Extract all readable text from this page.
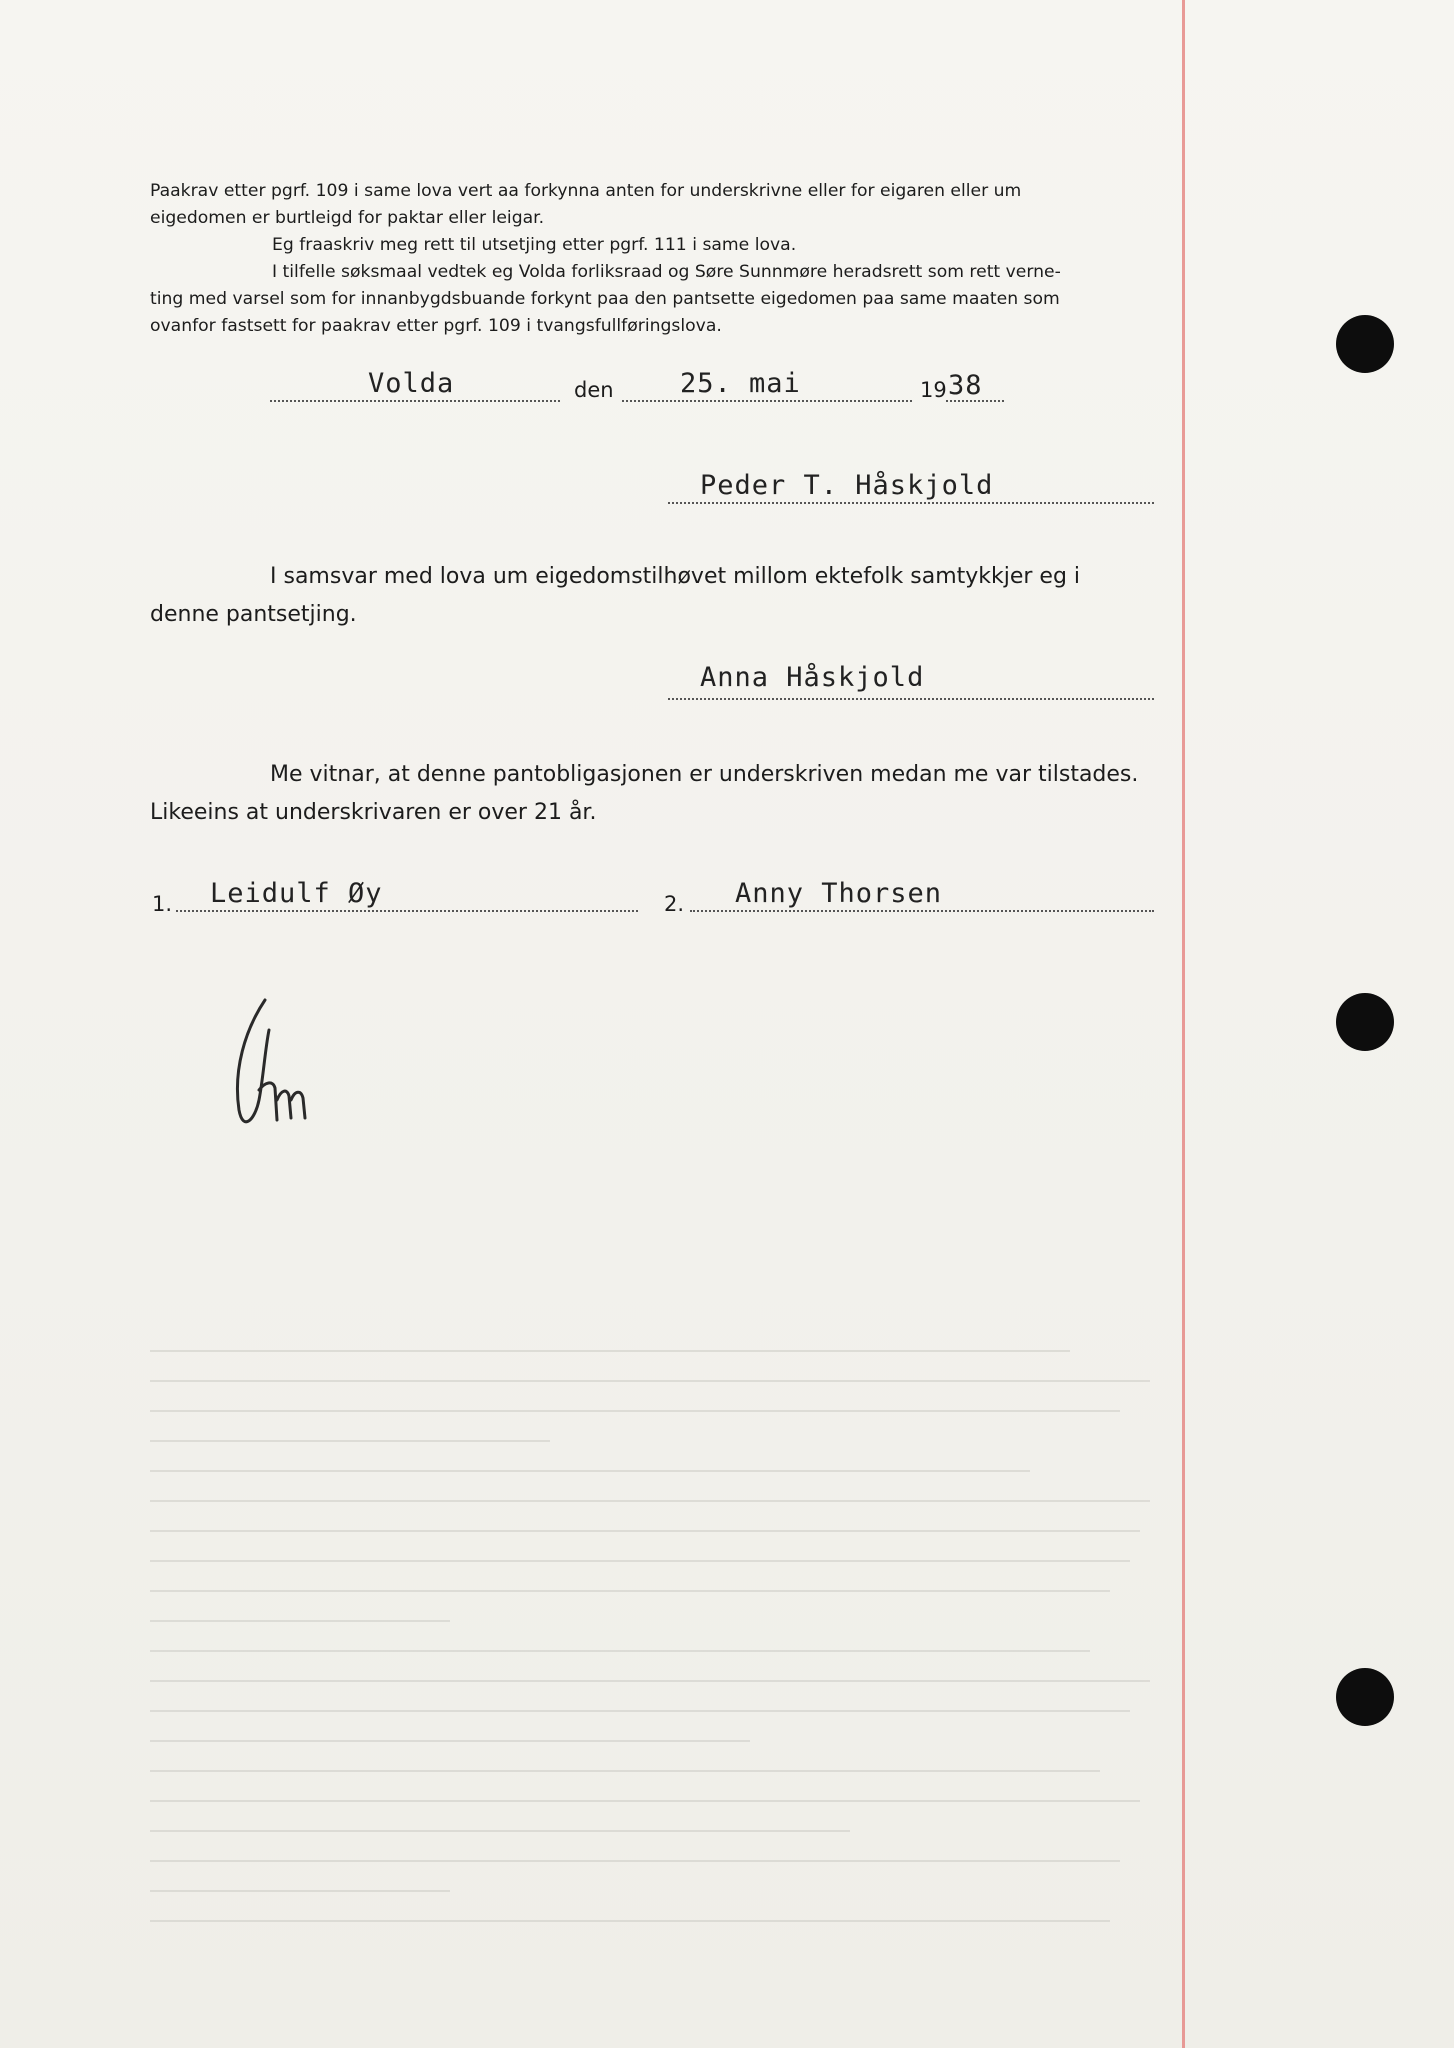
Paakrav etter pgrf. 109 i same lova vert aa forkynna anten for underskrivne eller for eigaren eller um
eigedomen er burtleigd for paktar eller leigar.
Eg fraaskriv meg rett til utsetjing etter pgrf. 111 i same lova.
I tilfelle søksmaal vedtek eg Volda forliksraad og Søre Sunnmøre heradsrett som rett verne-
ting med varsel som for innanbygdsbuande forkynt paa den pantsette eigedomen paa same maaten som
ovanfor fastsett for paakrav etter pgrf. 109 i tvangsfullføringslova.
Volda	den 25. mai	19 38
Peder T. Håskjold
I samsvar med lova um eigedomstilhøvet millom ektefolk samtykkjer eg i
denne pantsetjing.
Anna Håskjold
Me vitnar, at denne pantobligasjonen er underskriven medan me var tilstades.
Likeeins at underskrivaren er over 21 år.
1. Leidulf Øy	2. Anny Thorsen
